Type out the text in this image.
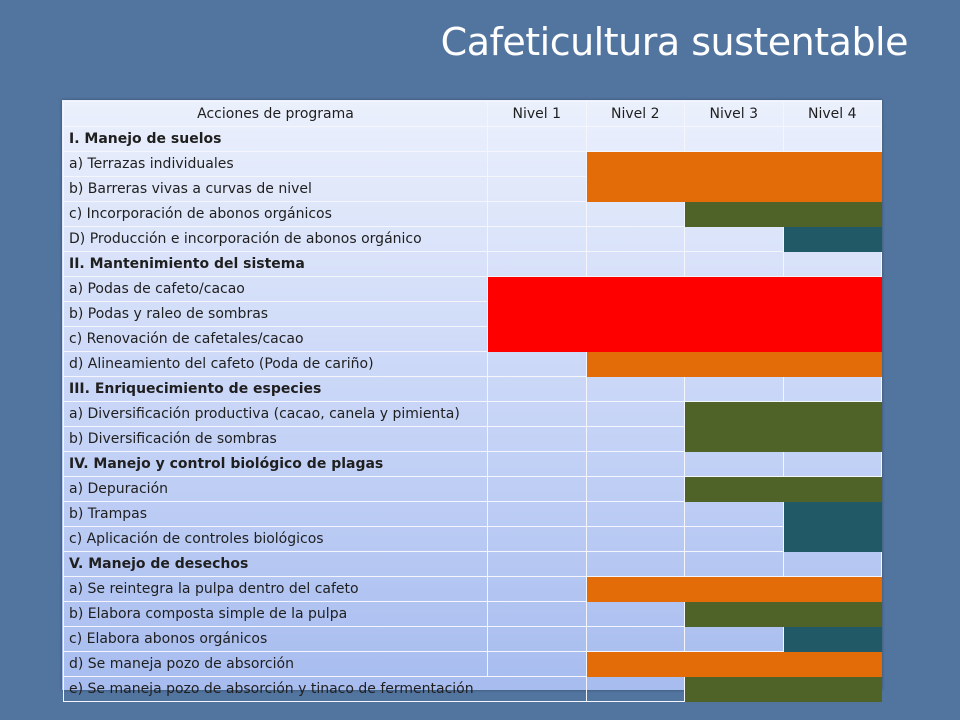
Cafeticultura sustentable
Acciones de programa	Nivel 1	Nivel 2	Nivel 3	Nivel 4
I. Manejo de suelos				
a) Terrazas individuales				
b) Barreras vivas a curvas de nivel				
c) Incorporación de abonos orgánicos				
D) Producción e incorporación de abonos orgánico				
II. Mantenimiento del sistema				
a) Podas de cafeto/cacao				
b) Podas y raleo de sombras				
c) Renovación de cafetales/cacao				
d) Alineamiento del cafeto (Poda de cariño)				
III. Enriquecimiento de especies				
a) Diversificación productiva (cacao, canela y pimienta)				
b) Diversificación de sombras				
IV. Manejo y control biológico de plagas				
a) Depuración				
b) Trampas				
c) Aplicación de controles biológicos				
V. Manejo de desechos				
a) Se reintegra la pulpa dentro del cafeto				
b) Elabora composta simple de la pulpa				
c) Elabora abonos orgánicos				
d) Se maneja pozo de absorción				
e) Se maneja pozo de absorción y tinaco de fermentación				
